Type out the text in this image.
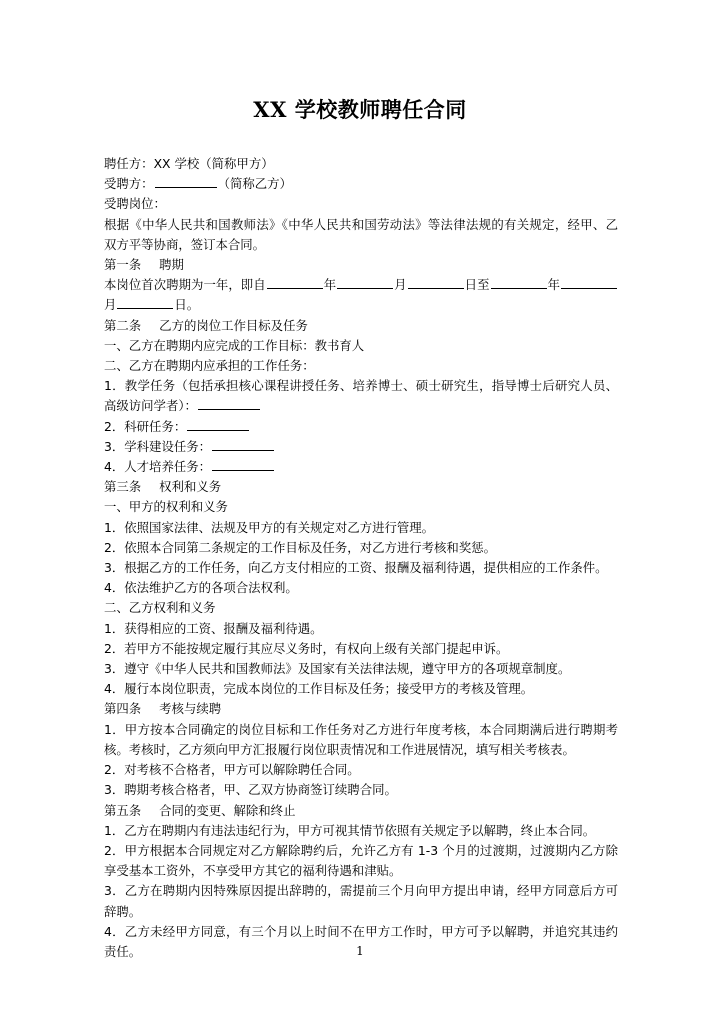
XX 学校教师聘任合同

聘任方：XX 学校（简称甲方）

受聘方：	（简称乙方）

受聘岗位：

根据《中华人民共和国教师法》《中华人民共和国劳动法》等法律法规的有关规定，经甲、乙双方平等协商，签订本合同。

第一条 聘期

本岗位首次聘期为一年，即自	年	月	日至	年月	日。

第二条 乙方的岗位工作目标及任务

一、乙方在聘期内应完成的工作目标：教书育人

二、乙方在聘期内应承担的工作任务：

1．教学任务（包括承担核心课程讲授任务、培养博士、硕士研究生，指导博士后研究人员、高级访问学者）：

2．科研任务：

3．学科建设任务：

4．人才培养任务：

第三条 权利和义务

一、甲方的权利和义务

1．依照国家法律、法规及甲方的有关规定对乙方进行管理。

2．依照本合同第二条规定的工作目标及任务，对乙方进行考核和奖惩。

3．根据乙方的工作任务，向乙方支付相应的工资、报酬及福利待遇，提供相应的工作条件。

4．依法维护乙方的各项合法权利。

二、乙方权利和义务

1．获得相应的工资、报酬及福利待遇。

2．若甲方不能按规定履行其应尽义务时，有权向上级有关部门提起申诉。

3．遵守《中华人民共和国教师法》及国家有关法律法规，遵守甲方的各项规章制度。

4．履行本岗位职责，完成本岗位的工作目标及任务；接受甲方的考核及管理。

第四条 考核与续聘

1．甲方按本合同确定的岗位目标和工作任务对乙方进行年度考核，本合同期满后进行聘期考核。考核时，乙方须向甲方汇报履行岗位职责情况和工作进展情况，填写相关考核表。

2．对考核不合格者，甲方可以解除聘任合同。

3．聘期考核合格者，甲、乙双方协商签订续聘合同。

第五条 合同的变更、解除和终止

1．乙方在聘期内有违法违纪行为，甲方可视其情节依照有关规定予以解聘，终止本合同。

2．甲方根据本合同规定对乙方解除聘约后，允许乙方有 1-3 个月的过渡期，过渡期内乙方除享受基本工资外，不享受甲方其它的福利待遇和津贴。

3．乙方在聘期内因特殊原因提出辞聘的，需提前三个月向甲方提出申请，经甲方同意后方可辞聘。

4．乙方未经甲方同意，有三个月以上时间不在甲方工作时，甲方可予以解聘，并追究其违约责任。	1
